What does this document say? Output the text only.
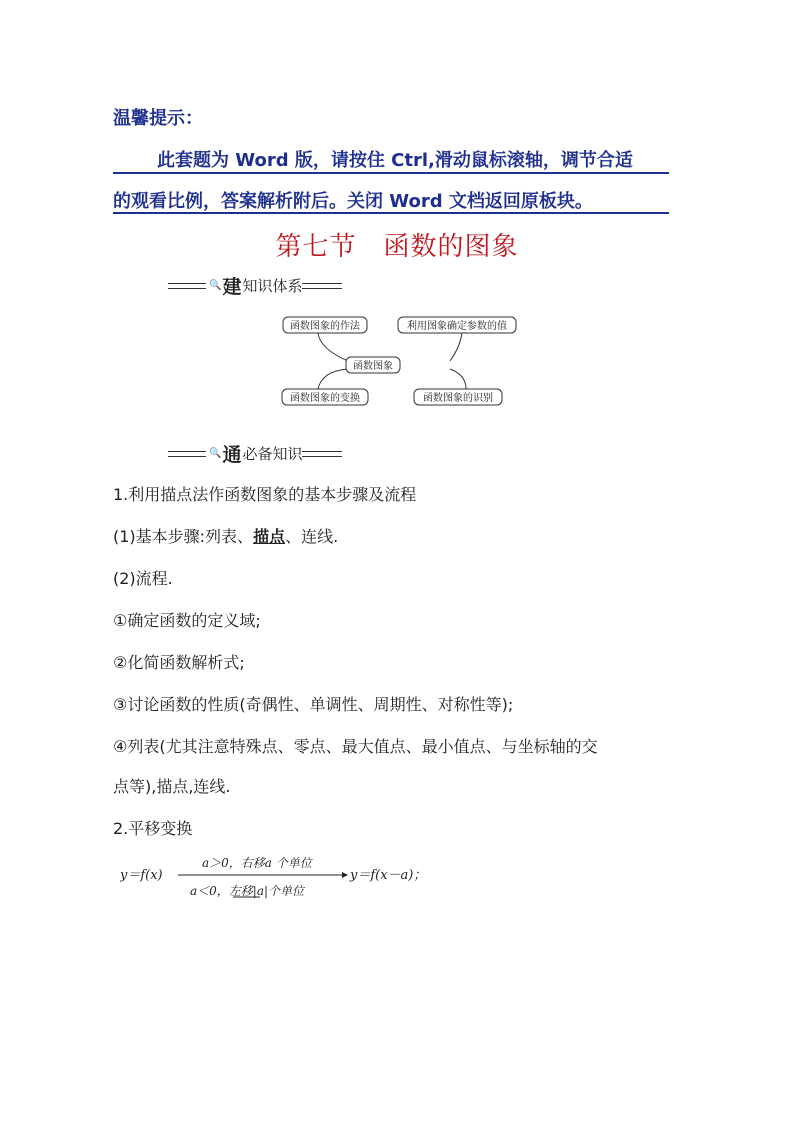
温馨提示：
此套题为 Word 版，请按住 Ctrl,滑动鼠标滚轴，调节合适
的观看比例，答案解析附后。关闭 Word 文档返回原板块。
第七节　函数的图象
🔍 建 知识体系
函数图象的作法	利用图象确定参数的值
函数图象
函数图象的变换	函数图象的识别
🔍 通 必备知识
1.利用描点法作函数图象的基本步骤及流程
(1)基本步骤:列表、描点、连线.
(2)流程.
①确定函数的定义域;
②化简函数解析式;
③讨论函数的性质(奇偶性、单调性、周期性、对称性等);
④列表(尤其注意特殊点、零点、最大值点、最小值点、与坐标轴的交
点等),描点,连线.
2.平移变换
y＝f(x)
a＞0，右移a 个单位
a＜0，左移|a|个单位
y＝f(x－a)；
